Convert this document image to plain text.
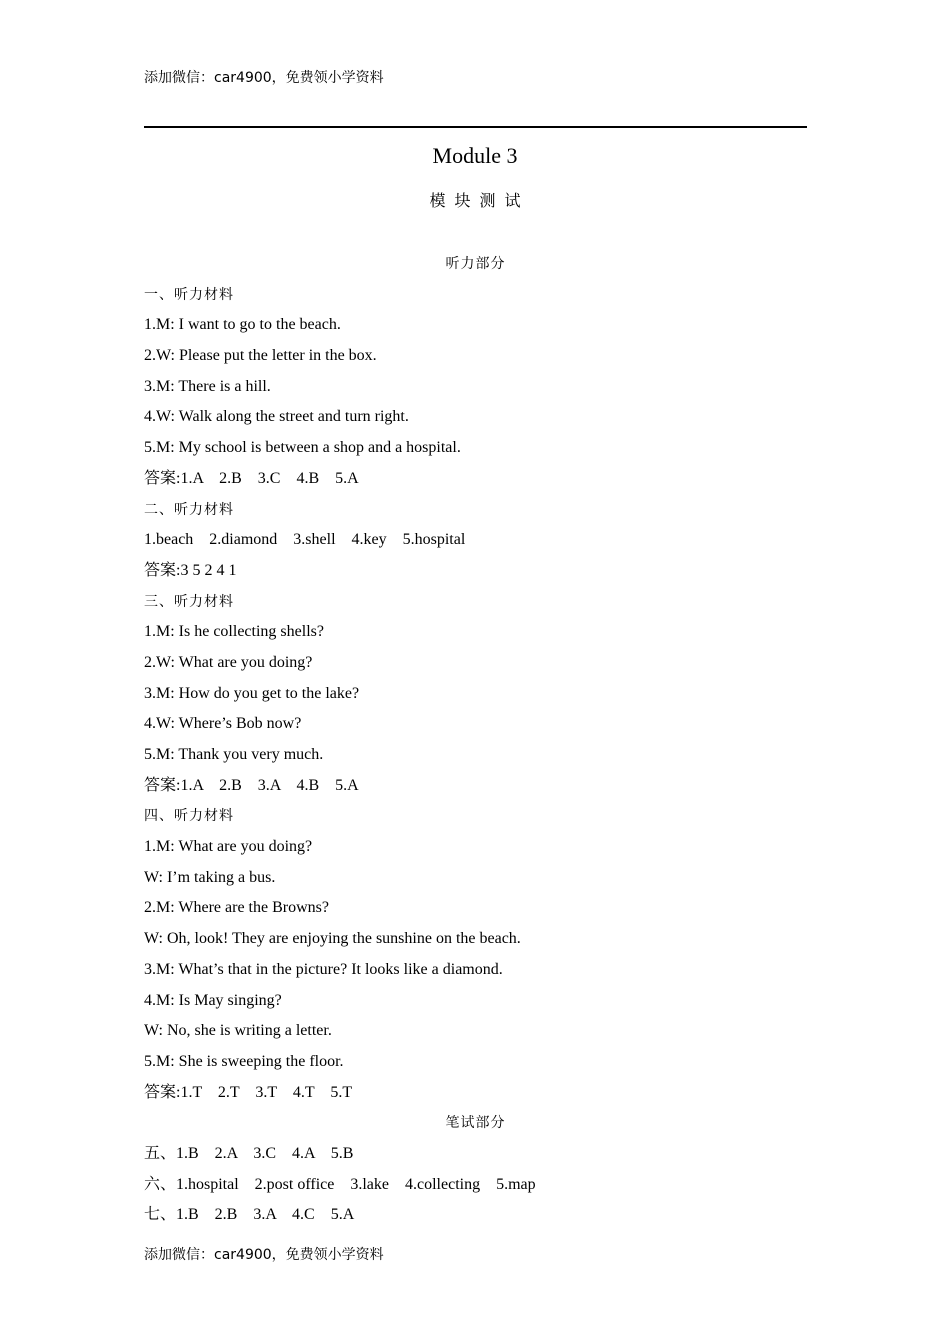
添加微信：car4900，免费领小学资料
Module 3
模块测试
听力部分
一、听力材料
1.M: I want to go to the beach.
2.W: Please put the letter in the box.
3.M: There is a hill.
4.W: Walk along the street and turn right.
5.M: My school is between a shop and a hospital.
答案:1.A　2.B　3.C　4.B　5.A
二、听力材料
1.beach　2.diamond　3.shell　4.key　5.hospital
答案:3 5 2 4 1
三、听力材料
1.M: Is he collecting shells?
2.W: What are you doing?
3.M: How do you get to the lake?
4.W: Where’s Bob now?
5.M: Thank you very much.
答案:1.A　2.B　3.A　4.B　5.A
四、听力材料
1.M: What are you doing?
W: I’m taking a bus.
2.M: Where are the Browns?
W: Oh, look! They are enjoying the sunshine on the beach.
3.M: What’s that in the picture? It looks like a diamond.
4.M: Is May singing?
W: No, she is writing a letter.
5.M: She is sweeping the floor.
答案:1.T　2.T　3.T　4.T　5.T
笔试部分
五、1.B　2.A　3.C　4.A　5.B
六、1.hospital　2.post office　3.lake　4.collecting　5.map
七、1.B　2.B　3.A　4.C　5.A
添加微信：car4900，免费领小学资料
